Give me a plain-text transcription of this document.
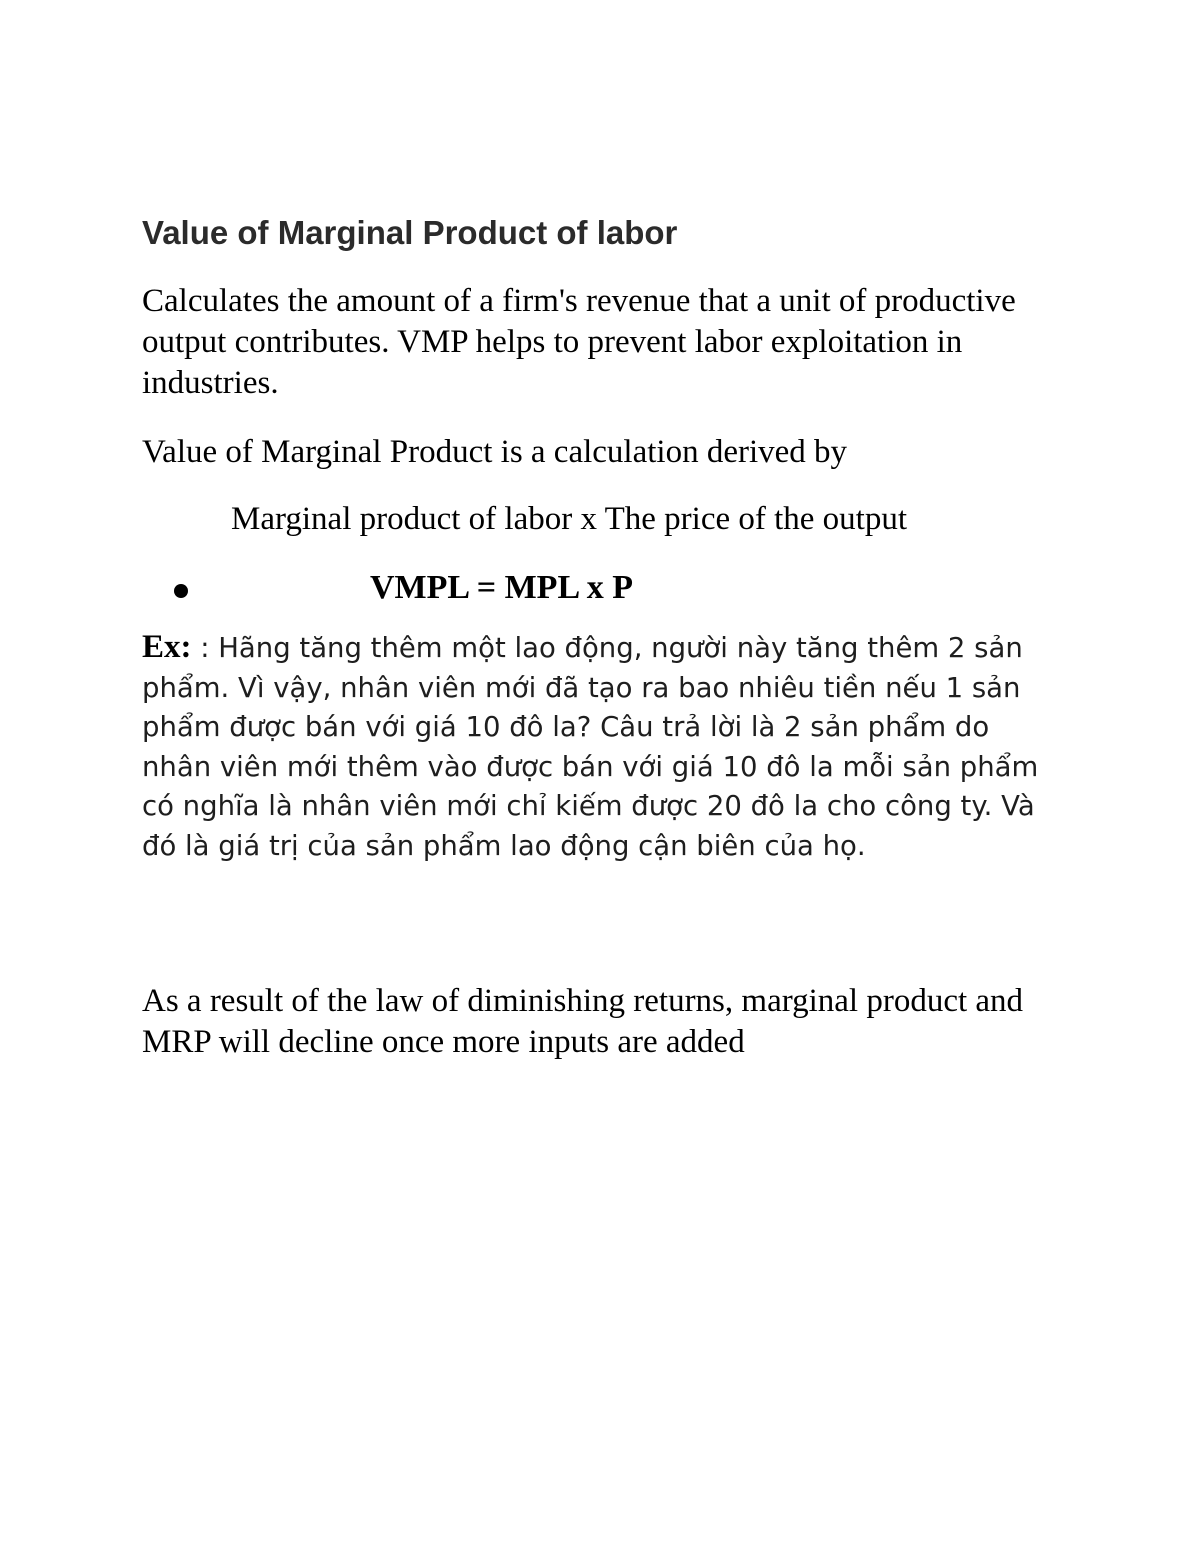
Value of Marginal Product of labor

Calculates the amount of a firm's revenue that a unit of productive output contributes. VMP helps to prevent labor exploitation in industries.

Value of Marginal Product is a calculation derived by

Marginal product of labor x The price of the output

VMPL = MPL x P

Ex: : Hãng tăng thêm một lao động, người này tăng thêm 2 sản phẩm. Vì vậy, nhân viên mới đã tạo ra bao nhiêu tiền nếu 1 sản phẩm được bán với giá 10 đô la? Câu trả lời là 2 sản phẩm do nhân viên mới thêm vào được bán với giá 10 đô la mỗi sản phẩm có nghĩa là nhân viên mới chỉ kiếm được 20 đô la cho công ty. Và đó là giá trị của sản phẩm lao động cận biên của họ.

As a result of the law of diminishing returns, marginal product and MRP will decline once more inputs are added
